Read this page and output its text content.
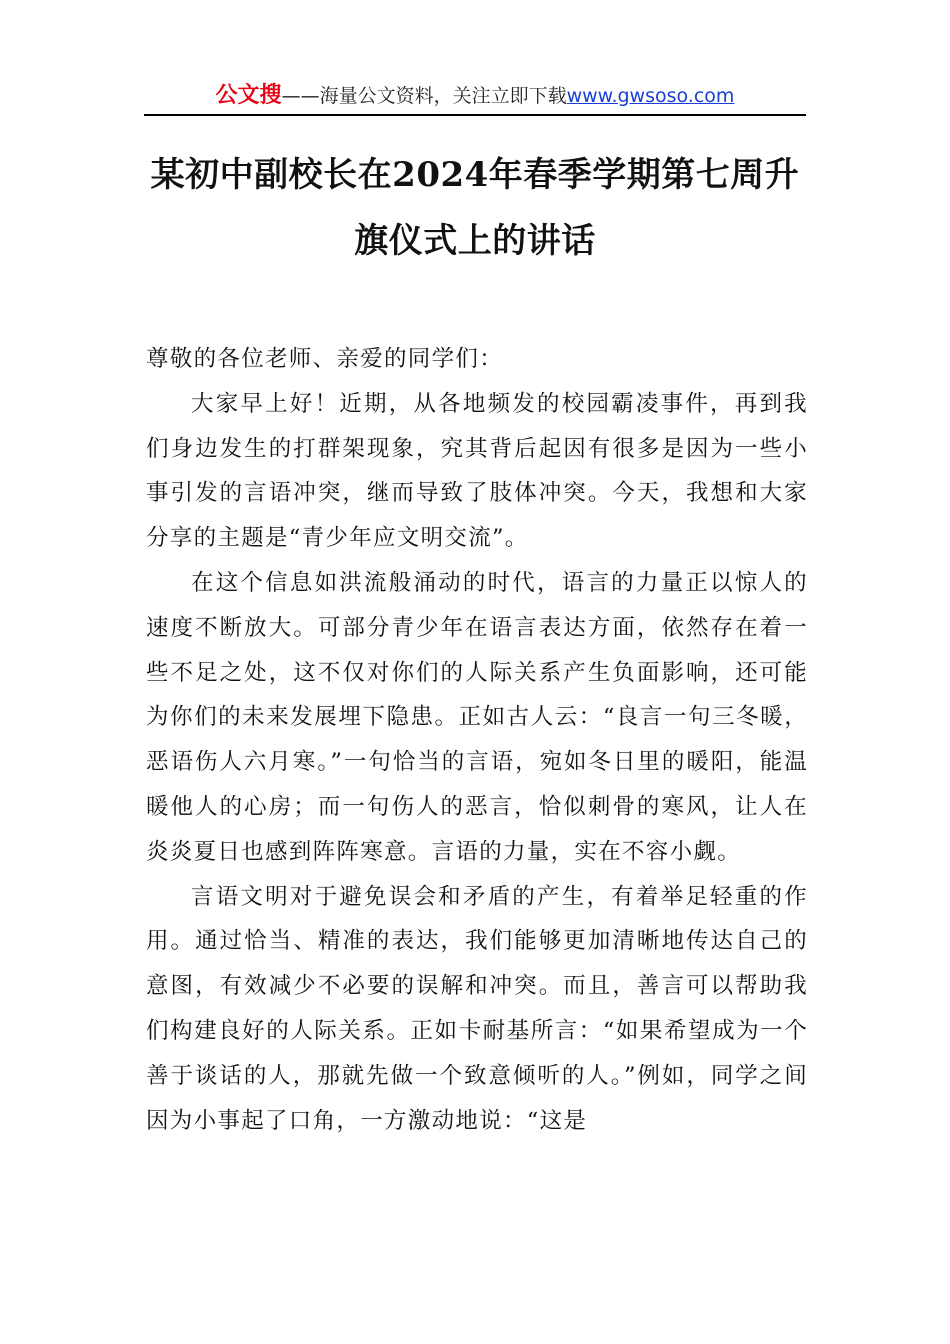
公文搜——海量公文资料，关注立即下载www.gwsoso.com
某初中副校长在2024年春季学期第七周升旗仪式上的讲话

尊敬的各位老师、亲爱的同学们：

大家早上好！近期，从各地频发的校园霸凌事件，再到我们身边发生的打群架现象，究其背后起因有很多是因为一些小事引发的言语冲突，继而导致了肢体冲突。今天，我想和大家分享的主题是“青少年应文明交流”。

在这个信息如洪流般涌动的时代，语言的力量正以惊人的速度不断放大。可部分青少年在语言表达方面，依然存在着一些不足之处，这不仅对你们的人际关系产生负面影响，还可能为你们的未来发展埋下隐患。正如古人云：“良言一句三冬暖，恶语伤人六月寒。”一句恰当的言语，宛如冬日里的暖阳，能温暖他人的心房；而一句伤人的恶言，恰似刺骨的寒风，让人在炎炎夏日也感到阵阵寒意。言语的力量，实在不容小觑。

言语文明对于避免误会和矛盾的产生，有着举足轻重的作用。通过恰当、精准的表达，我们能够更加清晰地传达自己的意图，有效减少不必要的误解和冲突。而且，善言可以帮助我们构建良好的人际关系。正如卡耐基所言：“如果希望成为一个善于谈话的人，那就先做一个致意倾听的人。”例如，同学之间因为小事起了口角，一方激动地说：“这是
